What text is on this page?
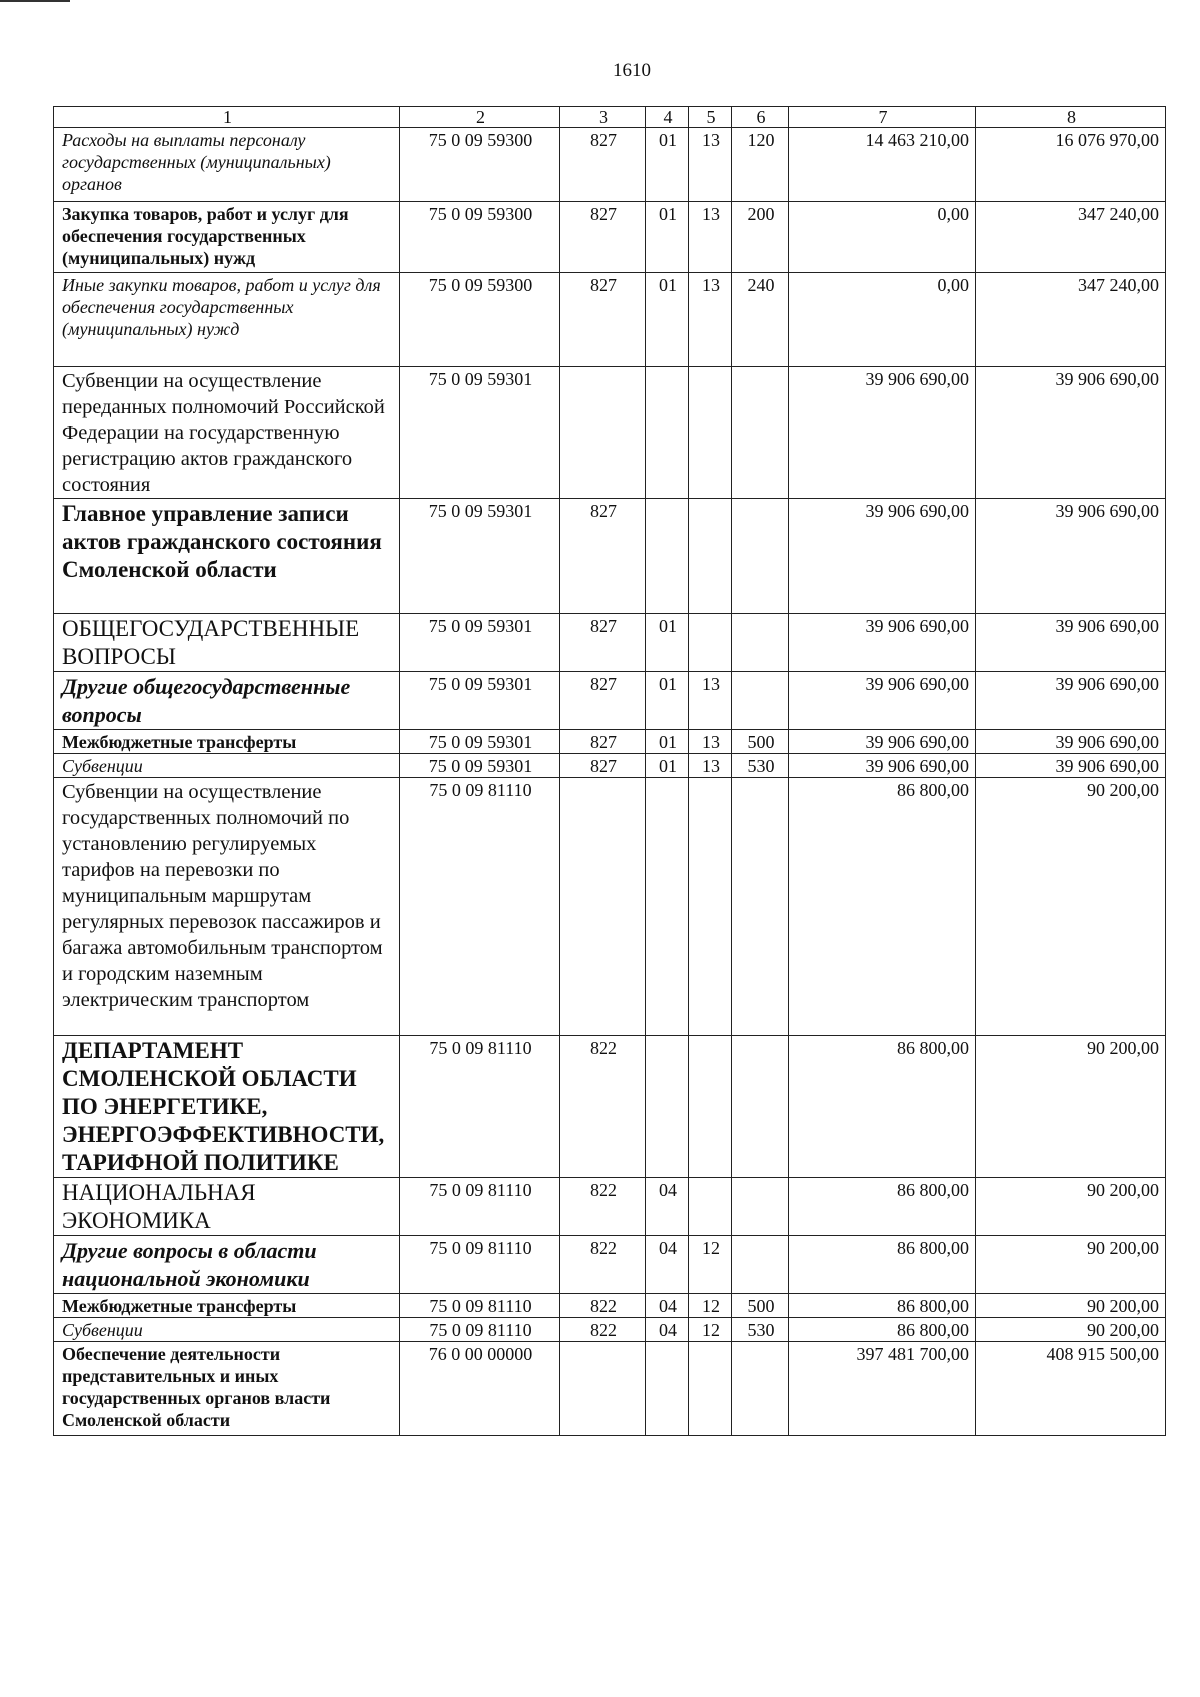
1610
1	2	3	4	5	6	7	8
Расходы на выплаты персоналу государственных (муниципальных) органов	75 0 09 59300	827	01	13	120	14 463 210,00	16 076 970,00
Закупка товаров, работ и услуг для обеспечения государственных (муниципальных) нужд	75 0 09 59300	827	01	13	200	0,00	347 240,00
Иные закупки товаров, работ и услуг для обеспечения государственных (муниципальных) нужд	75 0 09 59300	827	01	13	240	0,00	347 240,00
Субвенции на осуществление переданных полномочий Российской Федерации на государственную регистрацию актов гражданского состояния	75 0 09 59301					39 906 690,00	39 906 690,00
Главное управление записи актов гражданского состояния Смоленской области	75 0 09 59301	827				39 906 690,00	39 906 690,00
ОБЩЕГОСУДАРСТВЕННЫЕ ВОПРОСЫ	75 0 09 59301	827	01			39 906 690,00	39 906 690,00
Другие общегосударственные вопросы	75 0 09 59301	827	01	13		39 906 690,00	39 906 690,00
Межбюджетные трансферты	75 0 09 59301	827	01	13	500	39 906 690,00	39 906 690,00
Субвенции	75 0 09 59301	827	01	13	530	39 906 690,00	39 906 690,00
Субвенции на осуществление государственных полномочий по установлению регулируемых тарифов на перевозки по муниципальным маршрутам регулярных перевозок пассажиров и багажа автомобильным транспортом и городским наземным электрическим транспортом	75 0 09 81110					86 800,00	90 200,00
ДЕПАРТАМЕНТ СМОЛЕНСКОЙ ОБЛАСТИ ПО ЭНЕРГЕТИКЕ, ЭНЕРГОЭФФЕКТИВНОСТИ, ТАРИФНОЙ ПОЛИТИКЕ	75 0 09 81110	822				86 800,00	90 200,00
НАЦИОНАЛЬНАЯ ЭКОНОМИКА	75 0 09 81110	822	04			86 800,00	90 200,00
Другие вопросы в области национальной экономики	75 0 09 81110	822	04	12		86 800,00	90 200,00
Межбюджетные трансферты	75 0 09 81110	822	04	12	500	86 800,00	90 200,00
Субвенции	75 0 09 81110	822	04	12	530	86 800,00	90 200,00
Обеспечение деятельности представительных и иных государственных органов власти Смоленской области	76 0 00 00000					397 481 700,00	408 915 500,00
